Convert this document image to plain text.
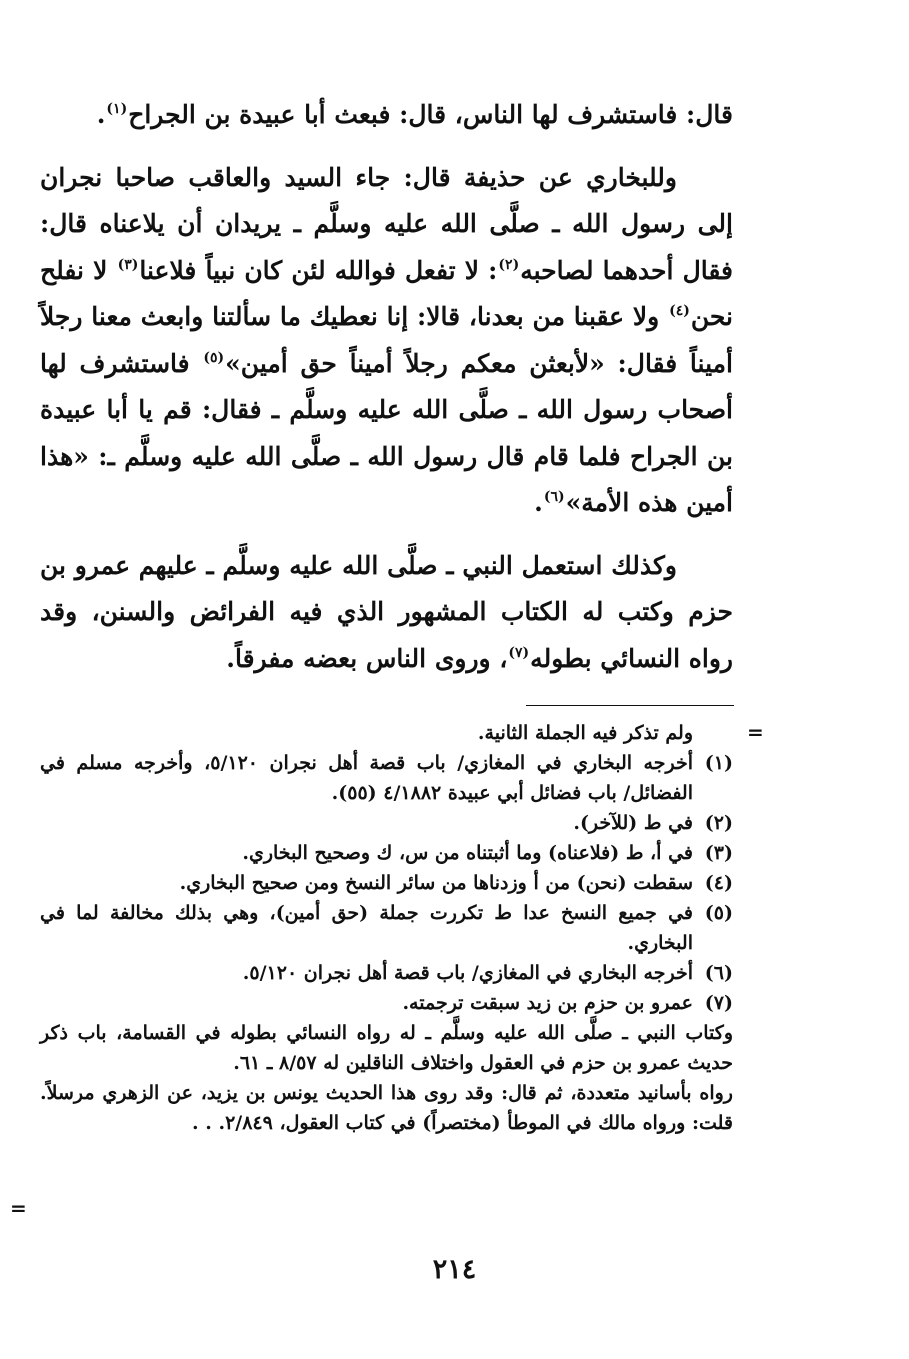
قال: فاستشرف لها الناس، قال: فبعث أبا عبيدة بن الجراح$^{(١)}$.

وللبخاري عن حذيفة قال: جاء السيد والعاقب صاحبا نجران إلى رسول الله ـ صلَّى الله عليه وسلَّم ـ يريدان أن يلاعناه قال: فقال أحدهما لصاحبه$^{(٢)}$: لا تفعل فوالله لئن كان نبياً فلاعنا$^{(٣)}$ لا نفلح نحن$^{(٤)}$ ولا عقبنا من بعدنا، قالا: إنا نعطيك ما سألتنا وابعث معنا رجلاً أميناً فقال: «لأبعثن معكم رجلاً أميناً حق أمين»$^{(٥)}$ فاستشرف لها أصحاب رسول الله ـ صلَّى الله عليه وسلَّم ـ فقال: قم يا أبا عبيدة بن الجراح فلما قام قال رسول الله ـ صلَّى الله عليه وسلَّم ـ: «هذا أمين هذه الأمة»$^{(٦)}$.

وكذلك استعمل النبي ـ صلَّى الله عليه وسلَّم ـ عليهم عمرو بن حزم وكتب له الكتاب المشهور الذي فيه الفرائض والسنن، وقد رواه النسائي بطوله$^{(٧)}$، وروى الناس بعضه مفرقاً.

=
ولم تذكر فيه الجملة الثانية.
(١)
أخرجه البخاري في المغازي/ باب قصة أهل نجران ٥/١٢٠، وأخرجه مسلم في الفضائل/ باب فضائل أبي عبيدة ٤/١٨٨٢ (٥٥).
(٢)
في ط (للآخر).
(٣)
في أ، ط (فلاعناه) وما أثبتناه من س، ك وصحيح البخاري.
(٤)
سقطت (نحن) من أ وزدناها من سائر النسخ ومن صحيح البخاري.
(٥)
في جميع النسخ عدا ط تكررت جملة (حق أمين)، وهي بذلك مخالفة لما في البخاري.
(٦)
أخرجه البخاري في المغازي/ باب قصة أهل نجران ٥/١٢٠.
(٧)
عمرو بن حزم بن زيد سبقت ترجمته.
وكتاب النبي ـ صلَّى الله عليه وسلَّم ـ له رواه النسائي بطوله في القسامة، باب ذكر حديث عمرو بن حزم في العقول واختلاف الناقلين له ٨/٥٧ ـ ٦١.
رواه بأسانيد متعددة، ثم قال: وقد روى هذا الحديث يونس بن يزيد، عن الزهري مرسلاً. قلت: ورواه مالك في الموطأ (مختصراً) في كتاب العقول، ٢/٨٤٩. . .
=
٢١٤
